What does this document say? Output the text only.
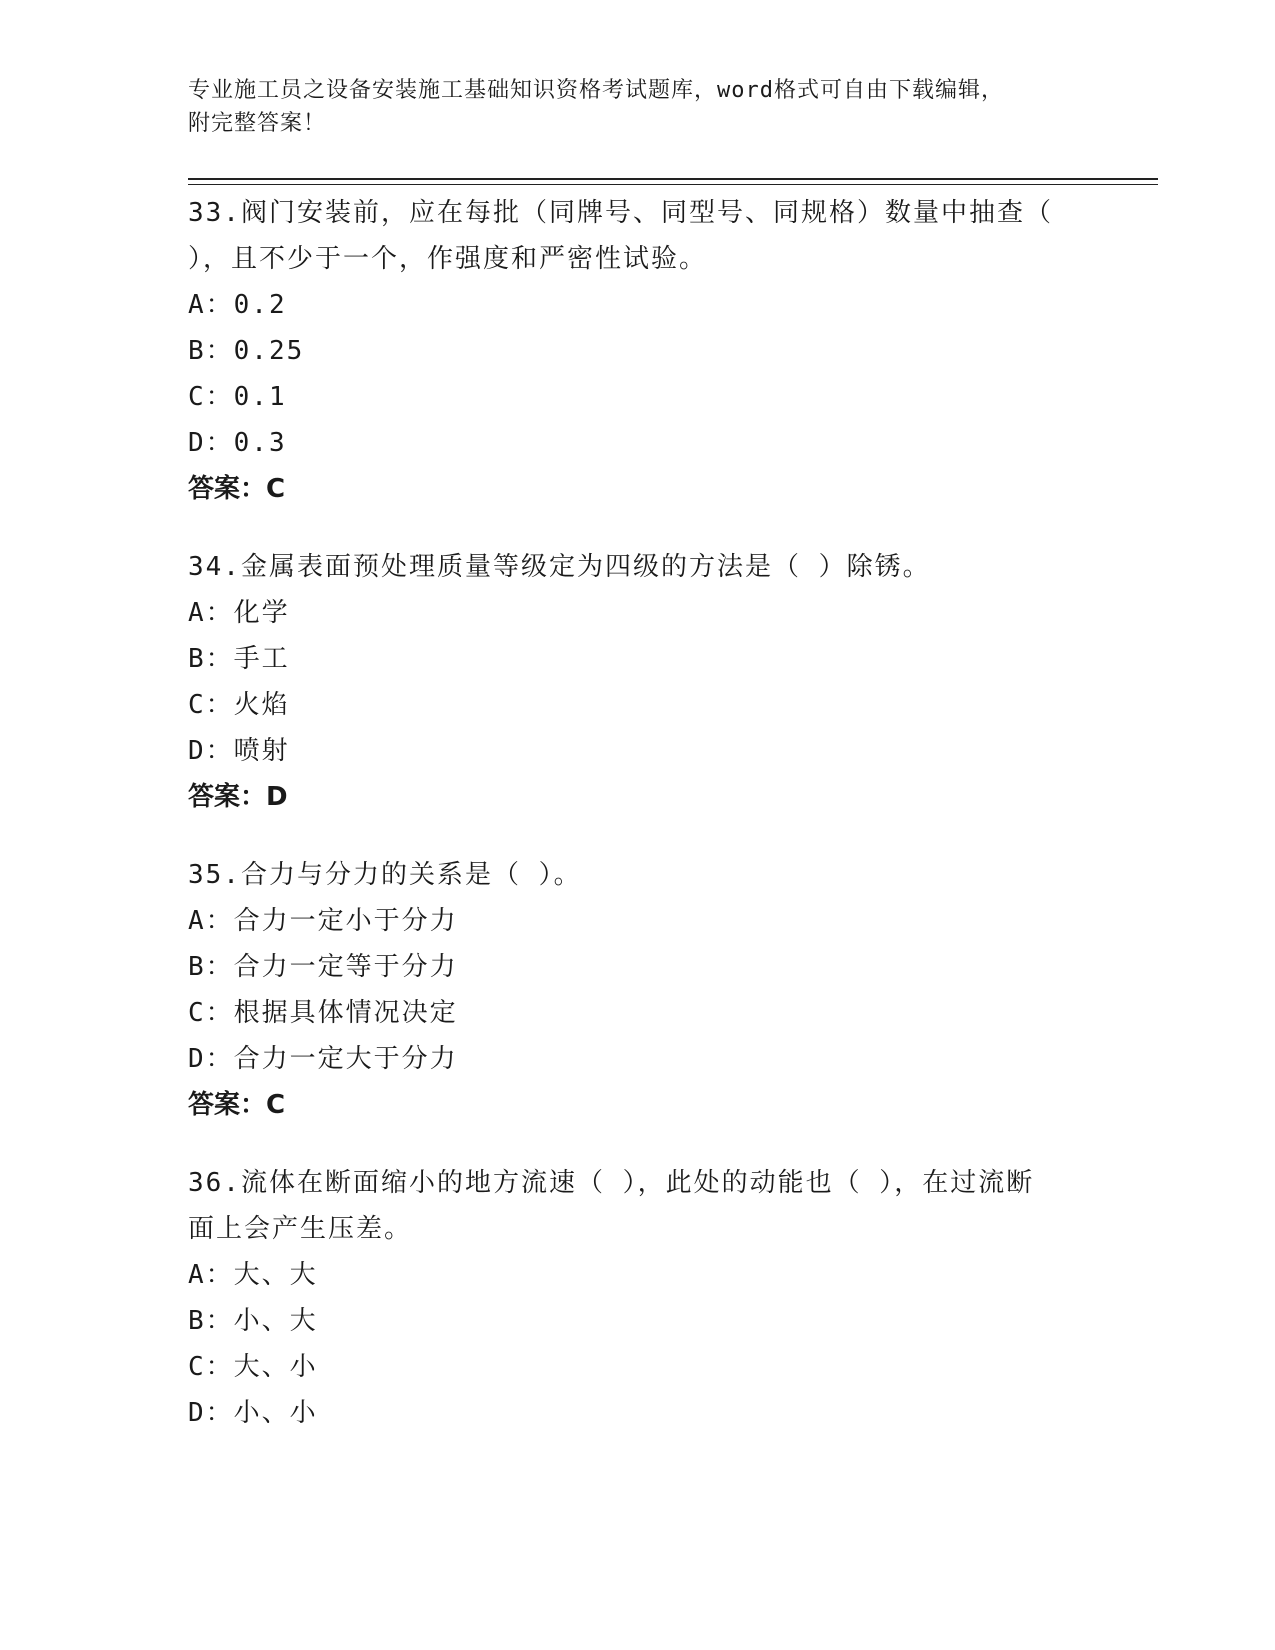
专业施工员之设备安装施工基础知识资格考试题库，word格式可自由下载编辑，
附完整答案！
33.阀门安装前，应在每批（同牌号、同型号、同规格）数量中抽查（
），且不少于一个，作强度和严密性试验。
A：0.2
B：0.25
C：0.1
D：0.3
答案：C
34.金属表面预处理质量等级定为四级的方法是（ ）除锈。
A：化学
B：手工
C：火焰
D：喷射
答案：D
35.合力与分力的关系是（ ）。
A：合力一定小于分力
B：合力一定等于分力
C：根据具体情况决定
D：合力一定大于分力
答案：C
36.流体在断面缩小的地方流速（ ），此处的动能也（ ），在过流断
面上会产生压差。
A：大、大
B：小、大
C：大、小
D：小、小
